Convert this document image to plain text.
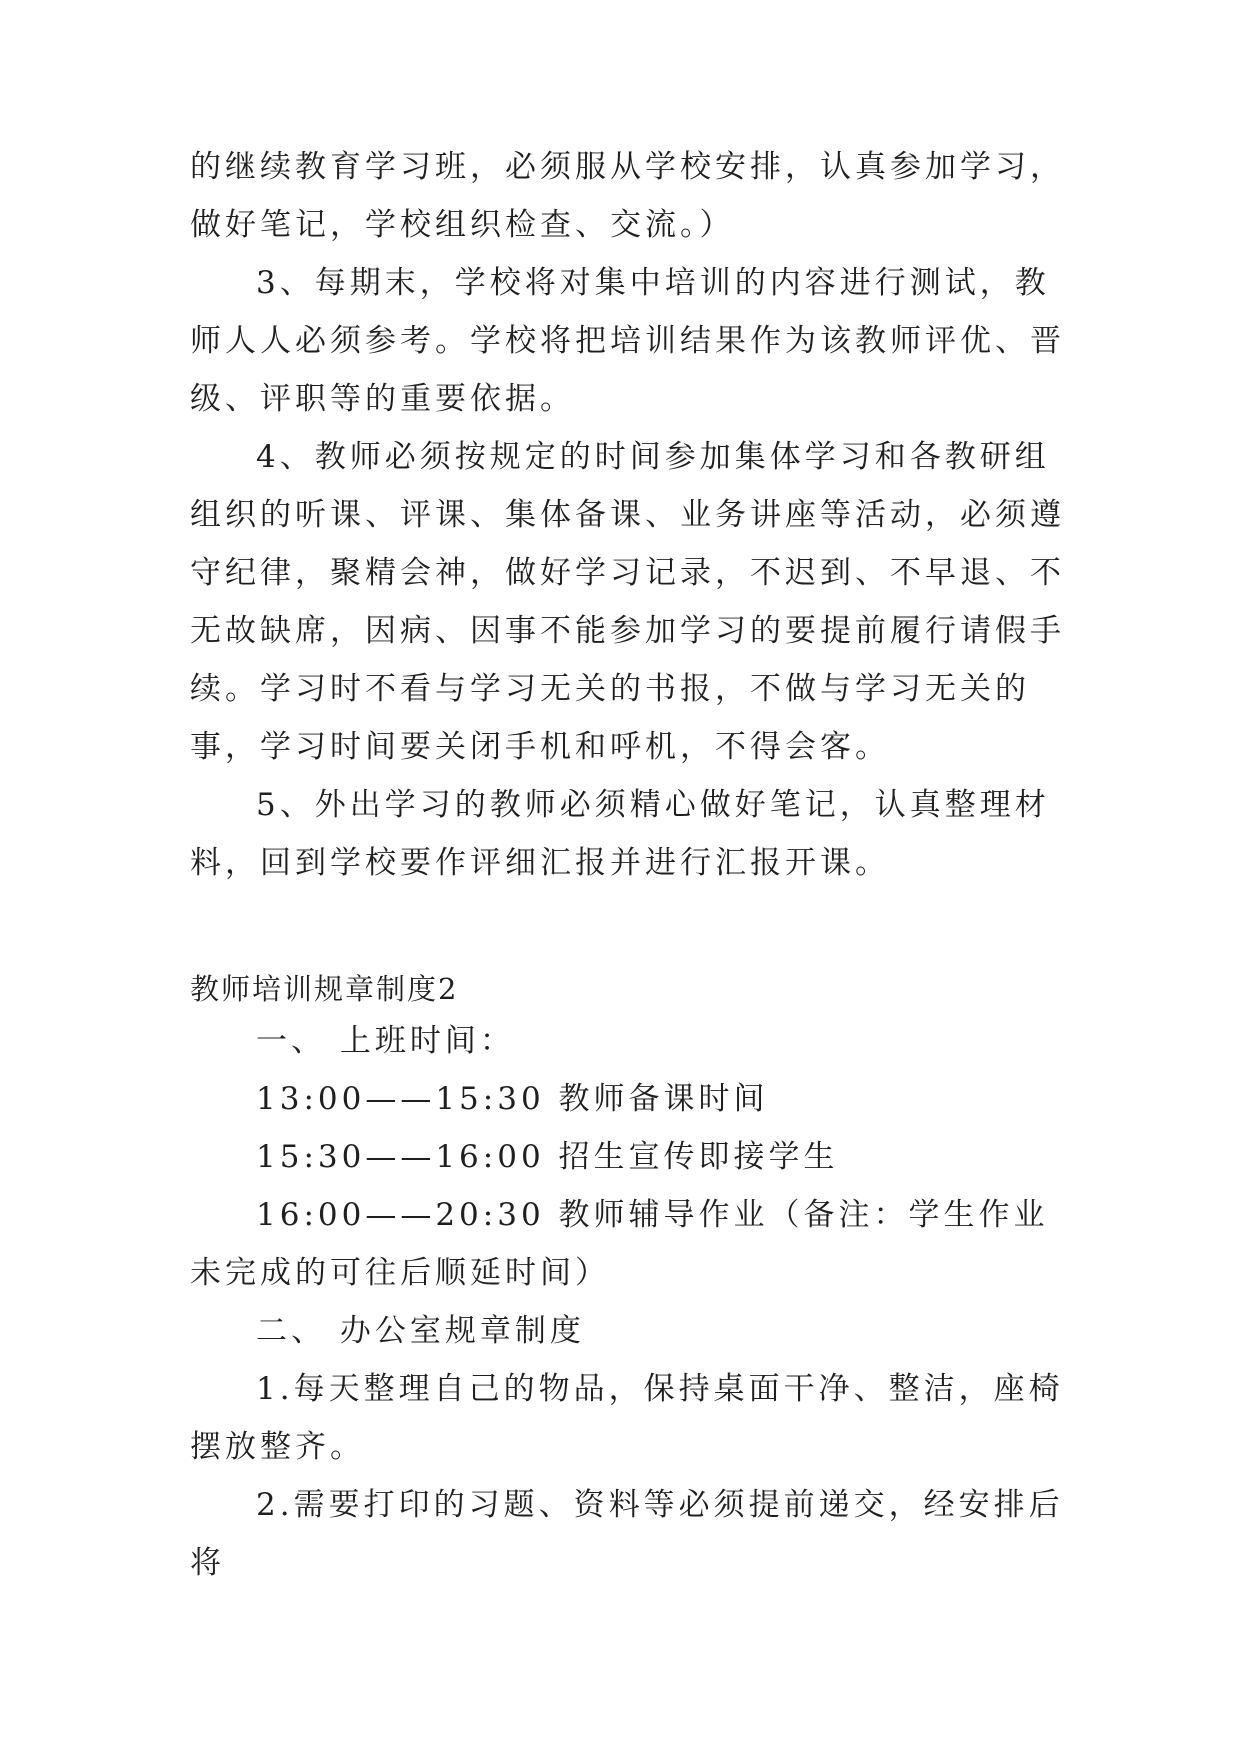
的继续教育学习班，必须服从学校安排，认真参加学习，做好笔记，学校组织检查、交流。）

3、每期末，学校将对集中培训的内容进行测试，教师人人必须参考。学校将把培训结果作为该教师评优、晋级、评职等的重要依据。

4、教师必须按规定的时间参加集体学习和各教研组组织的听课、评课、集体备课、业务讲座等活动，必须遵守纪律，聚精会神，做好学习记录，不迟到、不早退、不无故缺席，因病、因事不能参加学习的要提前履行请假手续。学习时不看与学习无关的书报，不做与学习无关的事，学习时间要关闭手机和呼机，不得会客。

5、外出学习的教师必须精心做好笔记，认真整理材料，回到学校要作评细汇报并进行汇报开课。

教师培训规章制度2

一、 上班时间：

13:00——15:30 教师备课时间

15:30——16:00 招生宣传即接学生

16:00——20:30 教师辅导作业（备注：学生作业未完成的可往后顺延时间）

二、 办公室规章制度

1.每天整理自己的物品，保持桌面干净、整洁，座椅摆放整齐。

2.需要打印的习题、资料等必须提前递交，经安排后将
